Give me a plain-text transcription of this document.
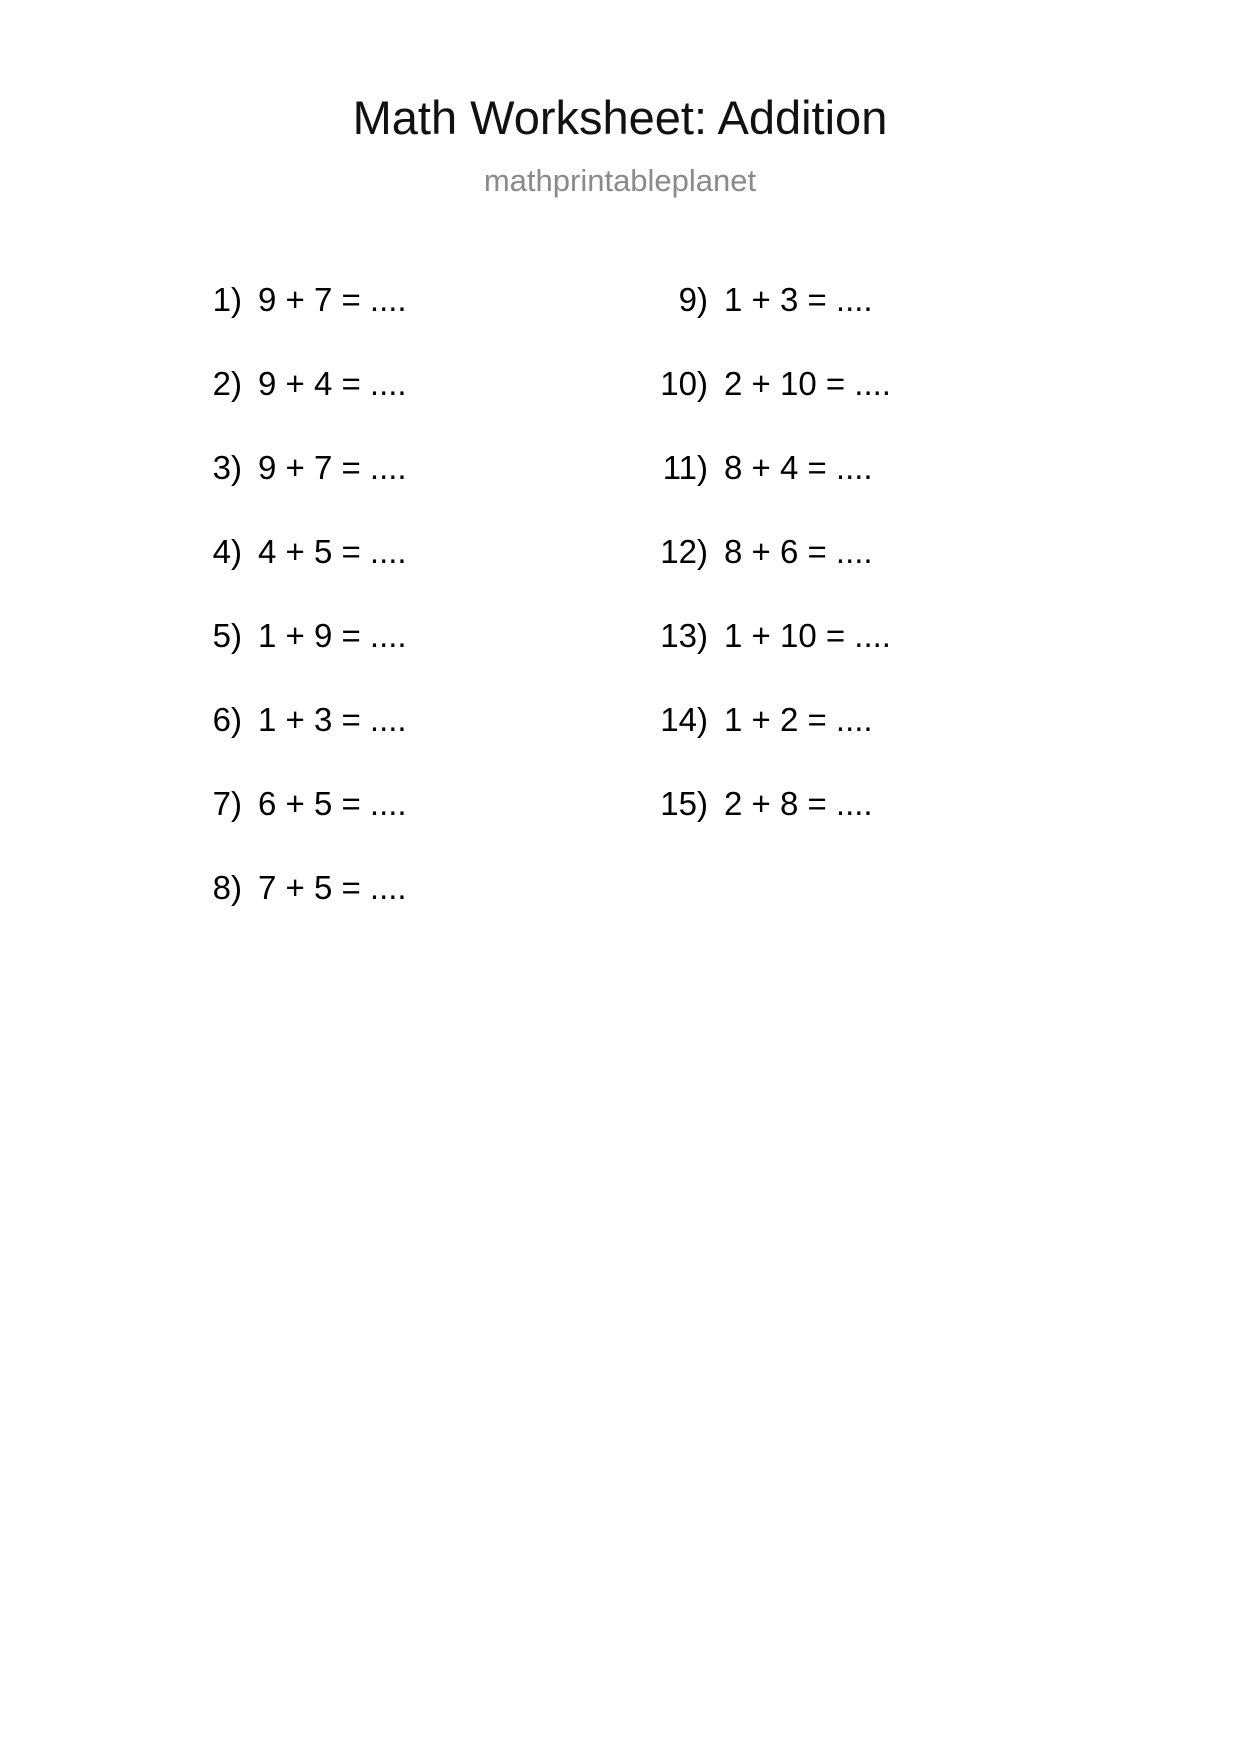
Math Worksheet: Addition
mathprintableplanet
1) 9 + 7 = ....
2) 9 + 4 = ....
3) 9 + 7 = ....
4) 4 + 5 = ....
5) 1 + 9 = ....
6) 1 + 3 = ....
7) 6 + 5 = ....
8) 7 + 5 = ....
9) 1 + 3 = ....
10) 2 + 10 = ....
11) 8 + 4 = ....
12) 8 + 6 = ....
13) 1 + 10 = ....
14) 1 + 2 = ....
15) 2 + 8 = ....
